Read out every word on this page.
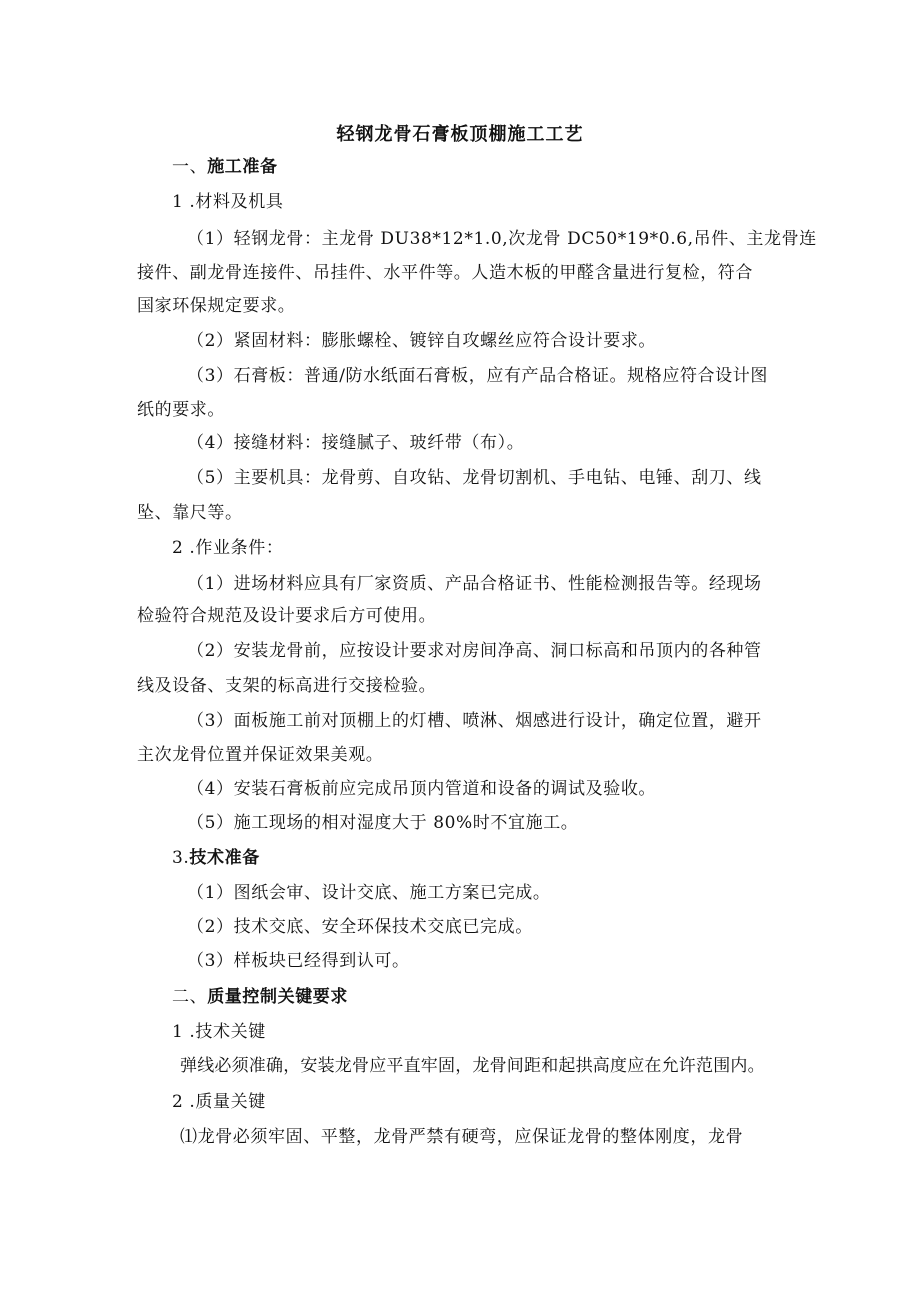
轻钢龙骨石膏板顶棚施工工艺
一、施工准备
1 .材料及机具
（1）轻钢龙骨：主龙骨 DU38*12*1.0,次龙骨 DC50*19*0.6,吊件、主龙骨连
接件、副龙骨连接件、吊挂件、水平件等。人造木板的甲醛含量进行复检，符合
国家环保规定要求。
（2）紧固材料：膨胀螺栓、镀锌自攻螺丝应符合设计要求。
（3）石膏板：普通/防水纸面石膏板，应有产品合格证。规格应符合设计图
纸的要求。
（4）接缝材料：接缝腻子、玻纤带（布）。
（5）主要机具：龙骨剪、自攻钻、龙骨切割机、手电钻、电锤、刮刀、线
坠、靠尺等。
2 .作业条件：
（1）进场材料应具有厂家资质、产品合格证书、性能检测报告等。经现场
检验符合规范及设计要求后方可使用。
（2）安装龙骨前，应按设计要求对房间净高、洞口标高和吊顶内的各种管
线及设备、支架的标高进行交接检验。
（3）面板施工前对顶棚上的灯槽、喷淋、烟感进行设计，确定位置，避开
主次龙骨位置并保证效果美观。
（4）安装石膏板前应完成吊顶内管道和设备的调试及验收。
（5）施工现场的相对湿度大于 80%时不宜施工。
3.技术准备
（1）图纸会审、设计交底、施工方案已完成。
（2）技术交底、安全环保技术交底已完成。
（3）样板块已经得到认可。
二、质量控制关键要求
1 .技术关键
弹线必须准确，安装龙骨应平直牢固，龙骨间距和起拱高度应在允许范围内。
2 .质量关键
⑴龙骨必须牢固、平整，龙骨严禁有硬弯，应保证龙骨的整体刚度，龙骨
